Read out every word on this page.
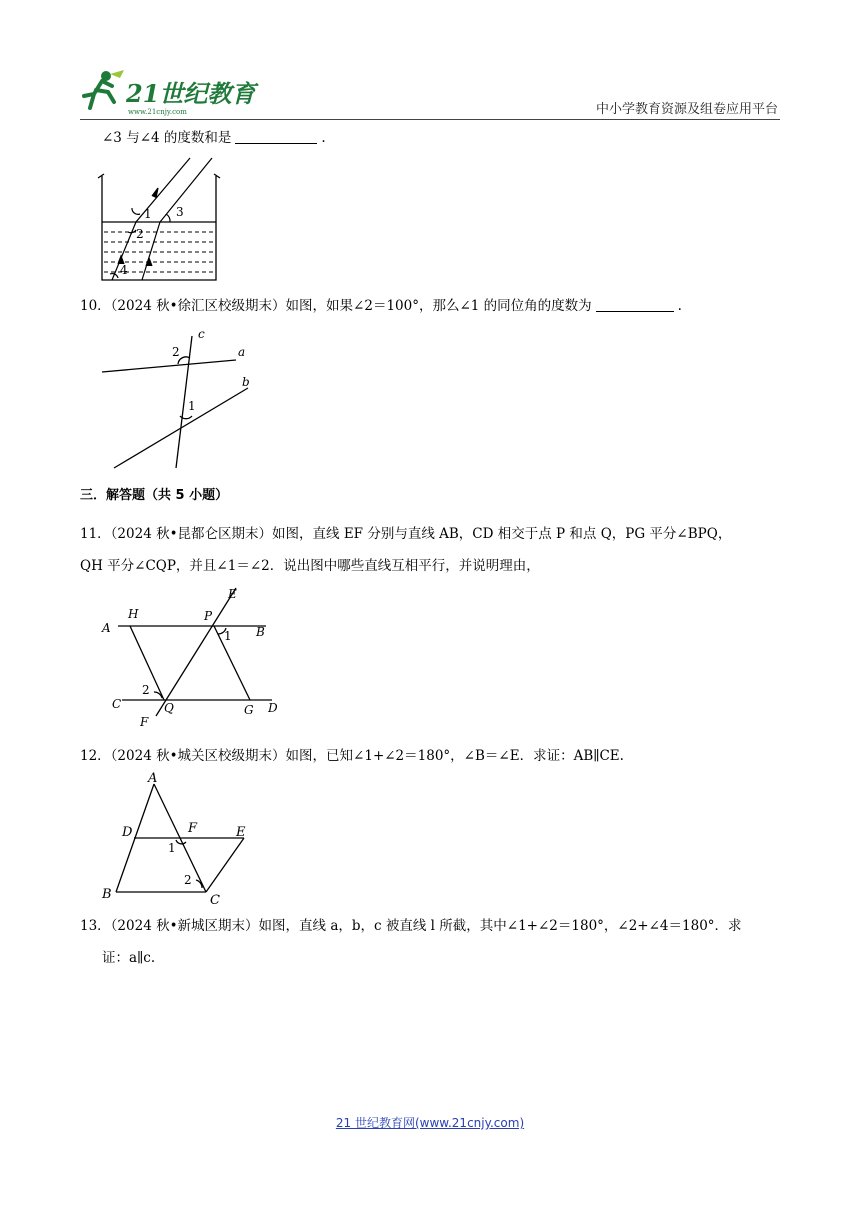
21世纪教育
www.21cnjy.com	中小学教育资源及组卷应用平台
∠3 与∠4 的度数和是	.
1
2
3
4
10．（2024 秋•徐汇区校级期末）如图，如果∠2＝100°，那么∠1 的同位角的度数为	.
c
a
b
2
1
三．解答题（共 5 小题）
11．（2024 秋•昆都仑区期末）如图，直线 EF 分别与直线 AB，CD 相交于点 P 和点 Q，PG 平分∠BPQ，
QH 平分∠CQP，并且∠1＝∠2．说出图中哪些直线互相平行，并说明理由，
E
H	P
A	B
1
2
C	Q	G D
F
12．（2024 秋•城关区校级期末）如图，已知∠1+∠2＝180°，∠B＝∠E．求证：AB∥CE.
A
D	F	E
1
2
B	C
13．（2024 秋•新城区期末）如图，直线 a，b，c 被直线 l 所截，其中∠1+∠2＝180°，∠2+∠4＝180°．求
证：a∥c.
21 世纪教育网(www.21cnjy.com)
